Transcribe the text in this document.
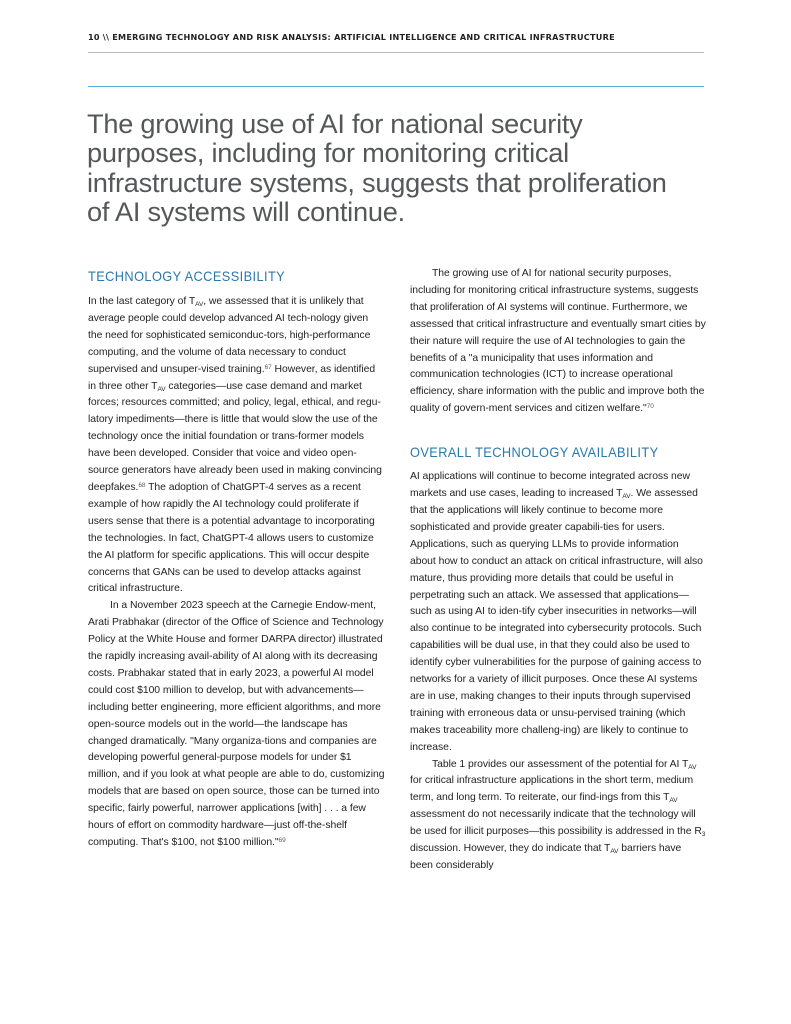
10 \\ EMERGING TECHNOLOGY AND RISK ANALYSIS: ARTIFICIAL INTELLIGENCE AND CRITICAL INFRASTRUCTURE
The growing use of AI for national security purposes, including for monitoring critical infrastructure systems, suggests that proliferation of AI systems will continue.
TECHNOLOGY ACCESSIBILITY

In the last category of $T_{AV}$, we assessed that it is unlikely that average people could develop advanced AI tech-nology given the need for sophisticated semiconduc-tors, high-performance computing, and the volume of data necessary to conduct supervised and unsuper-vised training.$^{67}$ However, as identified in three other $T_{AV}$ categories—use case demand and market forces; resources committed; and policy, legal, ethical, and regu-latory impediments—there is little that would slow the use of the technology once the initial foundation or trans-former models have been developed. Consider that voice and video open-source generators have already been used in making convincing deepfakes.$^{68}$ The adoption of ChatGPT-4 serves as a recent example of how rapidly the AI technology could proliferate if users sense that there is a potential advantage to incorporating the technologies. In fact, ChatGPT-4 allows users to customize the AI platform for specific applications. This will occur despite concerns that GANs can be used to develop attacks against critical infrastructure.

In a November 2023 speech at the Carnegie Endow-ment, Arati Prabhakar (director of the Office of Science and Technology Policy at the White House and former DARPA director) illustrated the rapidly increasing avail-ability of AI along with its decreasing costs. Prabhakar stated that in early 2023, a powerful AI model could cost $100 million to develop, but with advancements—including better engineering, more efficient algorithms, and more open-source models out in the world—the landscape has changed dramatically. "Many organiza-tions and companies are developing powerful general-purpose models for under $1 million, and if you look at what people are able to do, customizing models that are based on open source, those can be turned into specific, fairly powerful, narrower applications [with] . . . a few hours of effort on commodity hardware—just off-the-shelf computing. That's $100, not $100 million."$^{69}$

The growing use of AI for national security purposes, including for monitoring critical infrastructure systems, suggests that proliferation of AI systems will continue. Furthermore, we assessed that critical infrastructure and eventually smart cities by their nature will require the use of AI technologies to gain the benefits of a "a municipality that uses information and communication technologies (ICT) to increase operational efficiency, share information with the public and improve both the quality of govern-ment services and citizen welfare."$^{70}$

OVERALL TECHNOLOGY AVAILABILITY

AI applications will continue to become integrated across new markets and use cases, leading to increased $T_{AV}$. We assessed that the applications will likely continue to become more sophisticated and provide greater capabili-ties for users. Applications, such as querying LLMs to provide information about how to conduct an attack on critical infrastructure, will also mature, thus providing more details that could be useful in perpetrating such an attack. We assessed that applications—such as using AI to iden-tify cyber insecurities in networks—will also continue to be integrated into cybersecurity protocols. Such capabilities will be dual use, in that they could also be used to identify cyber vulnerabilities for the purpose of gaining access to networks for a variety of illicit purposes. Once these AI systems are in use, making changes to their inputs through supervised training with erroneous data or unsu-pervised training (which makes traceability more challeng-ing) are likely to continue to increase.

Table 1 provides our assessment of the potential for AI $T_{AV}$ for critical infrastructure applications in the short term, medium term, and long term. To reiterate, our find-ings from this $T_{AV}$ assessment do not necessarily indicate that the technology will be used for illicit purposes—this possibility is addressed in the $R_3$ discussion. However, they do indicate that $T_{AV}$ barriers have been considerably
